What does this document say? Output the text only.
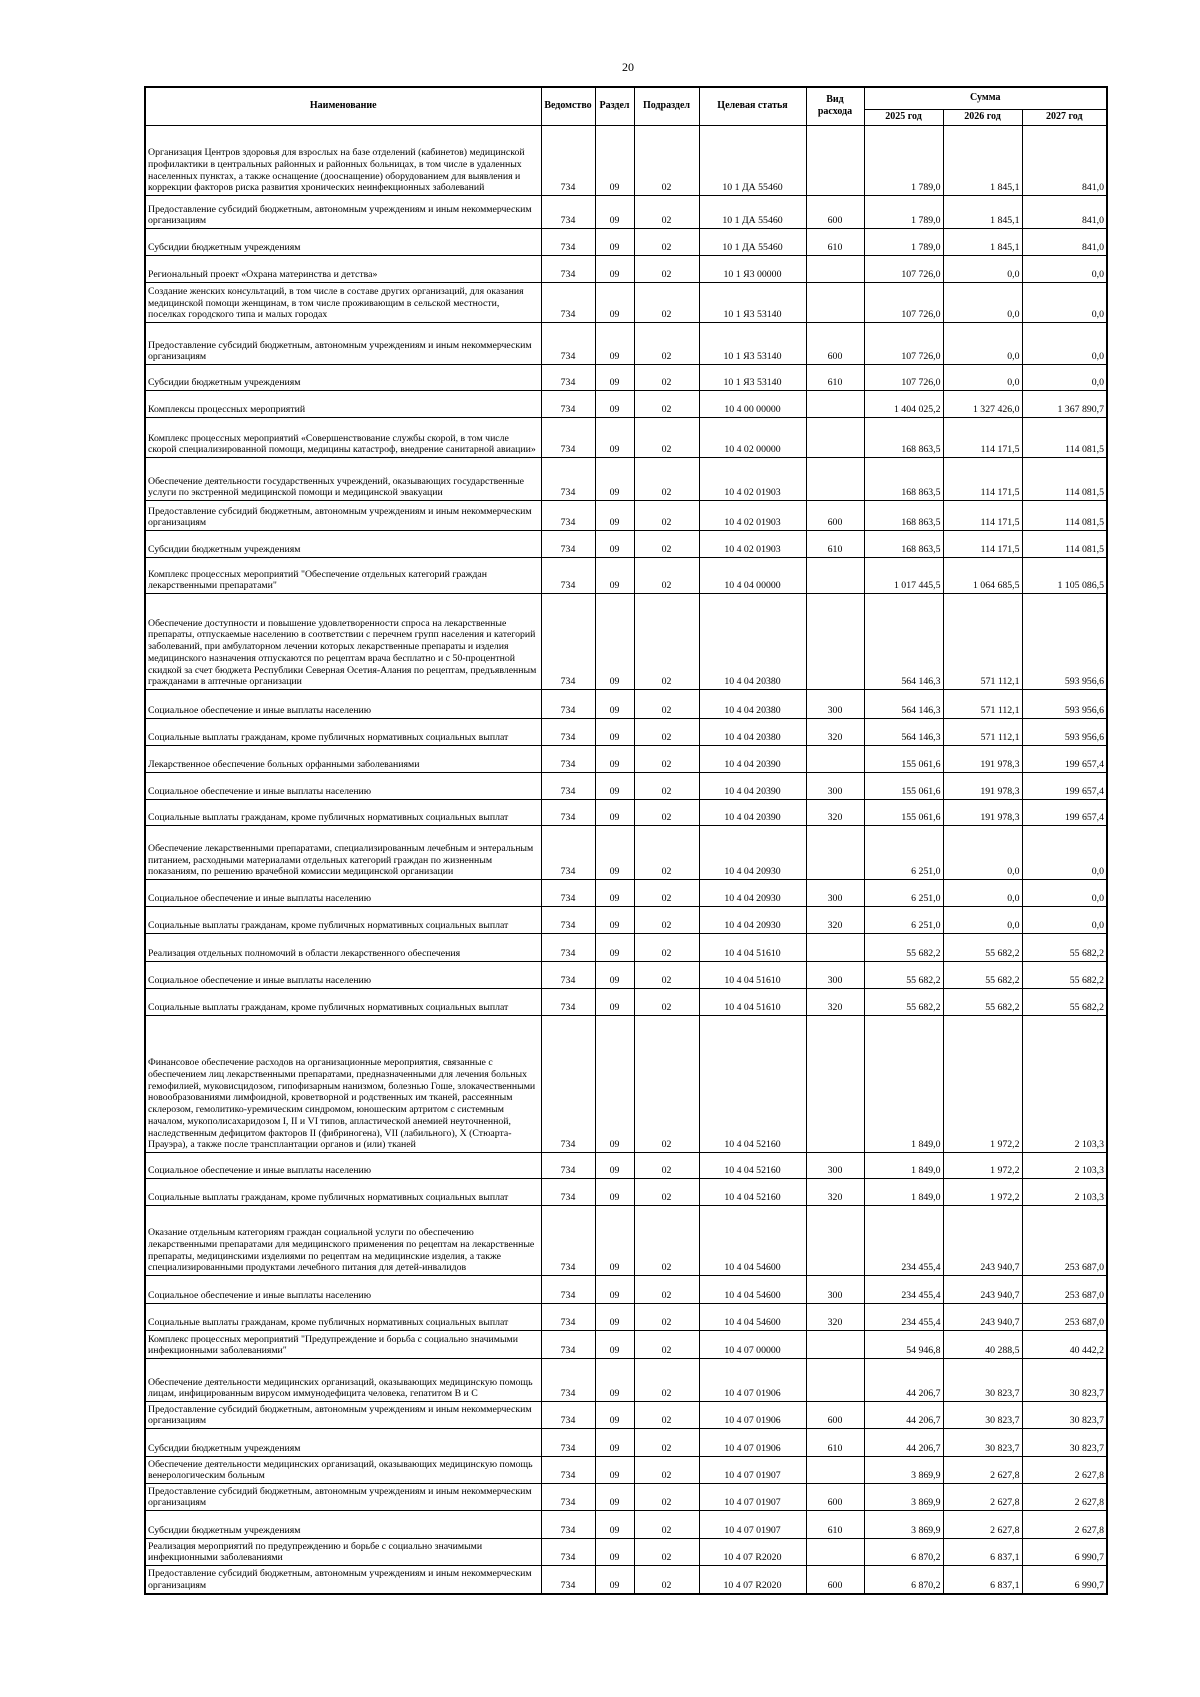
20
Наименование	Ведомство	Раздел	Подраздел	Целевая статья	Вид расхода	Сумма		
						2025 год	2026 год	2027 год
Организация Центров здоровья для взрослых на базе отделений (кабинетов) медицинской профилактики в центральных районных и районных больницах, в том числе в удаленных населенных пунктах, а также оснащение (дооснащение) оборудованием для выявления и коррекции факторов риска развития хронических неинфекционных заболеваний	734	09	02	10 1 ДА 55460		1 789,0	1 845,1	841,0
Предоставление субсидий бюджетным, автономным учреждениям и иным некоммерческим организациям	734	09	02	10 1 ДА 55460	600	1 789,0	1 845,1	841,0
Субсидии бюджетным учреждениям	734	09	02	10 1 ДА 55460	610	1 789,0	1 845,1	841,0
Региональный проект «Охрана материнства и детства»	734	09	02	10 1 Я3 00000		107 726,0	0,0	0,0
Создание женских консультаций, в том числе в составе других организаций, для оказания медицинской помощи женщинам, в том числе проживающим в сельской местности, поселках городского типа и малых городах	734	09	02	10 1 Я3 53140		107 726,0	0,0	0,0
Предоставление субсидий бюджетным, автономным учреждениям и иным некоммерческим организациям	734	09	02	10 1 Я3 53140	600	107 726,0	0,0	0,0
Субсидии бюджетным учреждениям	734	09	02	10 1 Я3 53140	610	107 726,0	0,0	0,0
Комплексы процессных мероприятий	734	09	02	10 4 00 00000		1 404 025,2	1 327 426,0	1 367 890,7
Комплекс процессных мероприятий «Совершенствование службы скорой, в том числе скорой специализированной помощи, медицины катастроф, внедрение санитарной авиации»	734	09	02	10 4 02 00000		168 863,5	114 171,5	114 081,5
Обеспечение деятельности государственных учреждений, оказывающих государственные услуги по экстренной медицинской помощи и медицинской эвакуации	734	09	02	10 4 02 01903		168 863,5	114 171,5	114 081,5
Предоставление субсидий бюджетным, автономным учреждениям и иным некоммерческим организациям	734	09	02	10 4 02 01903	600	168 863,5	114 171,5	114 081,5
Субсидии бюджетным учреждениям	734	09	02	10 4 02 01903	610	168 863,5	114 171,5	114 081,5
Комплекс процессных мероприятий "Обеспечение отдельных категорий граждан лекарственными препаратами"	734	09	02	10 4 04 00000		1 017 445,5	1 064 685,5	1 105 086,5
Обеспечение доступности и повышение удовлетворенности спроса на лекарственные препараты, отпускаемые населению в соответствии с перечнем групп населения и категорий заболеваний, при амбулаторном лечении которых лекарственные препараты и изделия медицинского назначения отпускаются по рецептам врача бесплатно и с 50-процентной скидкой за счет бюджета Республики Северная Осетия-Алания по рецептам, предъявленным гражданами в аптечные организации	734	09	02	10 4 04 20380		564 146,3	571 112,1	593 956,6
Социальное обеспечение и иные выплаты населению	734	09	02	10 4 04 20380	300	564 146,3	571 112,1	593 956,6
Социальные выплаты гражданам, кроме публичных нормативных социальных выплат	734	09	02	10 4 04 20380	320	564 146,3	571 112,1	593 956,6
Лекарственное обеспечение больных орфанными заболеваниями	734	09	02	10 4 04 20390		155 061,6	191 978,3	199 657,4
Социальное обеспечение и иные выплаты населению	734	09	02	10 4 04 20390	300	155 061,6	191 978,3	199 657,4
Социальные выплаты гражданам, кроме публичных нормативных социальных выплат	734	09	02	10 4 04 20390	320	155 061,6	191 978,3	199 657,4
Обеспечение лекарственными препаратами, специализированным лечебным и энтеральным питанием, расходными материалами отдельных категорий граждан по жизненным показаниям, по решению врачебной комиссии медицинской организации	734	09	02	10 4 04 20930		6 251,0	0,0	0,0
Социальное обеспечение и иные выплаты населению	734	09	02	10 4 04 20930	300	6 251,0	0,0	0,0
Социальные выплаты гражданам, кроме публичных нормативных социальных выплат	734	09	02	10 4 04 20930	320	6 251,0	0,0	0,0
Реализация отдельных полномочий в области лекарственного обеспечения	734	09	02	10 4 04 51610		55 682,2	55 682,2	55 682,2
Социальное обеспечение и иные выплаты населению	734	09	02	10 4 04 51610	300	55 682,2	55 682,2	55 682,2
Социальные выплаты гражданам, кроме публичных нормативных социальных выплат	734	09	02	10 4 04 51610	320	55 682,2	55 682,2	55 682,2
Финансовое обеспечение расходов на организационные мероприятия, связанные с обеспечением лиц лекарственными препаратами, предназначенными для лечения больных гемофилией, муковисцидозом, гипофизарным нанизмом, болезнью Гоше, злокачественными новообразованиями лимфоидной, кроветворной и родственных им тканей, рассеянным склерозом, гемолитико-уремическим синдромом, юношеским артритом с системным началом, мукополисахаридозом I, II и VI типов, апластической анемией неуточненной, наследственным дефицитом факторов II (фибриногена), VII (лабильного), X (Стюарта-Прауэра), а также после трансплантации органов и (или) тканей	734	09	02	10 4 04 52160		1 849,0	1 972,2	2 103,3
Социальное обеспечение и иные выплаты населению	734	09	02	10 4 04 52160	300	1 849,0	1 972,2	2 103,3
Социальные выплаты гражданам, кроме публичных нормативных социальных выплат	734	09	02	10 4 04 52160	320	1 849,0	1 972,2	2 103,3
Оказание отдельным категориям граждан социальной услуги по обеспечению лекарственными препаратами для медицинского применения по рецептам на лекарственные препараты, медицинскими изделиями по рецептам на медицинские изделия, а также специализированными продуктами лечебного питания для детей-инвалидов	734	09	02	10 4 04 54600		234 455,4	243 940,7	253 687,0
Социальное обеспечение и иные выплаты населению	734	09	02	10 4 04 54600	300	234 455,4	243 940,7	253 687,0
Социальные выплаты гражданам, кроме публичных нормативных социальных выплат	734	09	02	10 4 04 54600	320	234 455,4	243 940,7	253 687,0
Комплекс процессных мероприятий "Предупреждение и борьба с социально значимыми инфекционными заболеваниями"	734	09	02	10 4 07 00000		54 946,8	40 288,5	40 442,2
Обеспечение деятельности медицинских организаций, оказывающих медицинскую помощь лицам, инфицированным вирусом иммунодефицита человека, гепатитом В и С	734	09	02	10 4 07 01906		44 206,7	30 823,7	30 823,7
Предоставление субсидий бюджетным, автономным учреждениям и иным некоммерческим организациям	734	09	02	10 4 07 01906	600	44 206,7	30 823,7	30 823,7
Субсидии бюджетным учреждениям	734	09	02	10 4 07 01906	610	44 206,7	30 823,7	30 823,7
Обеспечение деятельности медицинских организаций, оказывающих медицинскую помощь венерологическим больным	734	09	02	10 4 07 01907		3 869,9	2 627,8	2 627,8
Предоставление субсидий бюджетным, автономным учреждениям и иным некоммерческим организациям	734	09	02	10 4 07 01907	600	3 869,9	2 627,8	2 627,8
Субсидии бюджетным учреждениям	734	09	02	10 4 07 01907	610	3 869,9	2 627,8	2 627,8
Реализация мероприятий по предупреждению и борьбе с социально значимыми инфекционными заболеваниями	734	09	02	10 4 07 R2020		6 870,2	6 837,1	6 990,7
Предоставление субсидий бюджетным, автономным учреждениям и иным некоммерческим организациям	734	09	02	10 4 07 R2020	600	6 870,2	6 837,1	6 990,7
